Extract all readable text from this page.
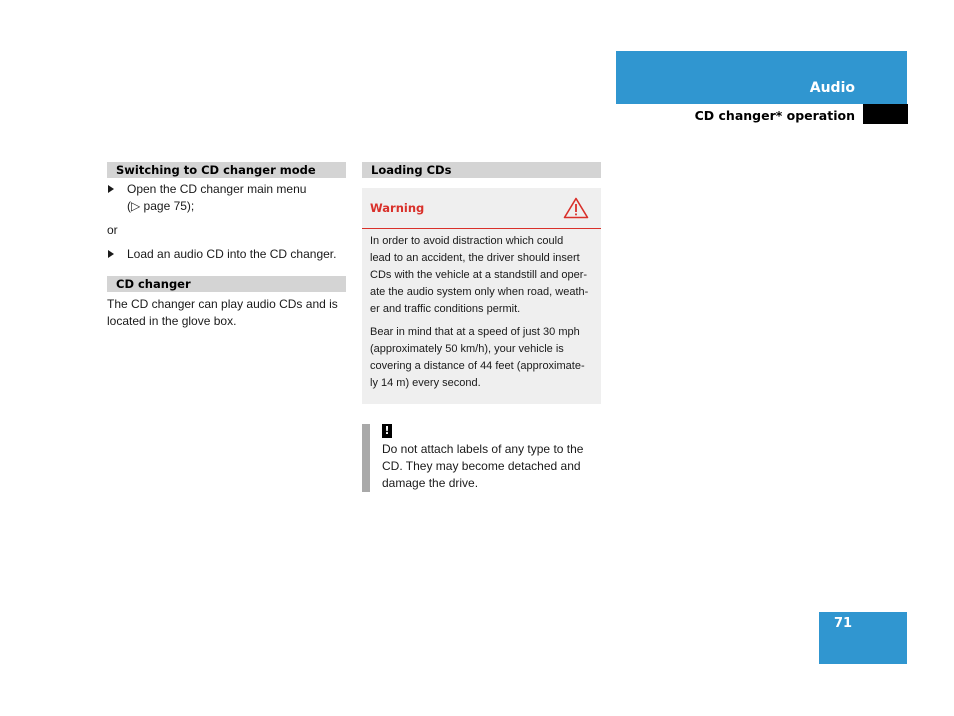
Audio
CD changer* operation
Switching to CD changer mode
Open the CD changer main menu
(▷ page 75);
or
Load an audio CD into the CD changer.
CD changer
The CD changer can play audio CDs and is
located in the glove box.
Loading CDs
Warning

In order to avoid distraction which could
lead to an accident, the driver should insert
CDs with the vehicle at a standstill and oper-
ate the audio system only when road, weath-
er and traffic conditions permit.

Bear in mind that at a speed of just 30 mph
(approximately 50 km/h), your vehicle is
covering a distance of 44 feet (approximate-
ly 14 m) every second.

!
Do not attach labels of any type to the
CD. They may become detached and
damage the drive.
71
